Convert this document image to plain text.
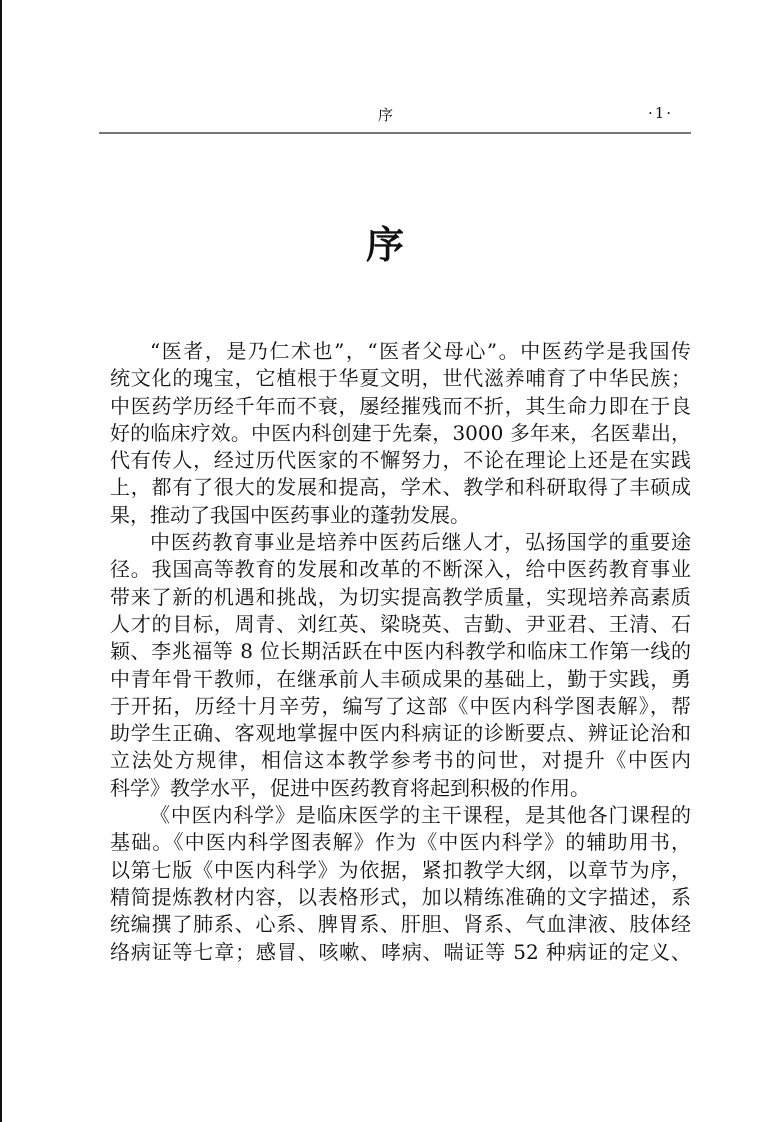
序	·1·
序
“医者，是乃仁术也”，“医者父母心”。中医药学是我国传
统文化的瑰宝，它植根于华夏文明，世代滋养哺育了中华民族；
中医药学历经千年而不衰，屡经摧残而不折，其生命力即在于良
好的临床疗效。中医内科创建于先秦，3000 多年来，名医辈出，
代有传人，经过历代医家的不懈努力，不论在理论上还是在实践
上，都有了很大的发展和提高，学术、教学和科研取得了丰硕成
果，推动了我国中医药事业的蓬勃发展。
中医药教育事业是培养中医药后继人才，弘扬国学的重要途
径。我国高等教育的发展和改革的不断深入，给中医药教育事业
带来了新的机遇和挑战，为切实提高教学质量，实现培养高素质
人才的目标，周青、刘红英、梁晓英、吉勤、尹亚君、王清、石
颖、李兆福等 8 位长期活跃在中医内科教学和临床工作第一线的
中青年骨干教师，在继承前人丰硕成果的基础上，勤于实践，勇
于开拓，历经十月辛劳，编写了这部《中医内科学图表解》，帮
助学生正确、客观地掌握中医内科病证的诊断要点、辨证论治和
立法处方规律，相信这本教学参考书的问世，对提升《中医内
科学》教学水平，促进中医药教育将起到积极的作用。
《中医内科学》是临床医学的主干课程，是其他各门课程的
基础。《中医内科学图表解》作为《中医内科学》的辅助用书，
以第七版《中医内科学》为依据，紧扣教学大纲，以章节为序，
精简提炼教材内容，以表格形式，加以精练准确的文字描述，系
统编撰了肺系、心系、脾胃系、肝胆、肾系、气血津液、肢体经
络病证等七章；感冒、咳嗽、哮病、喘证等 52 种病证的定义、
